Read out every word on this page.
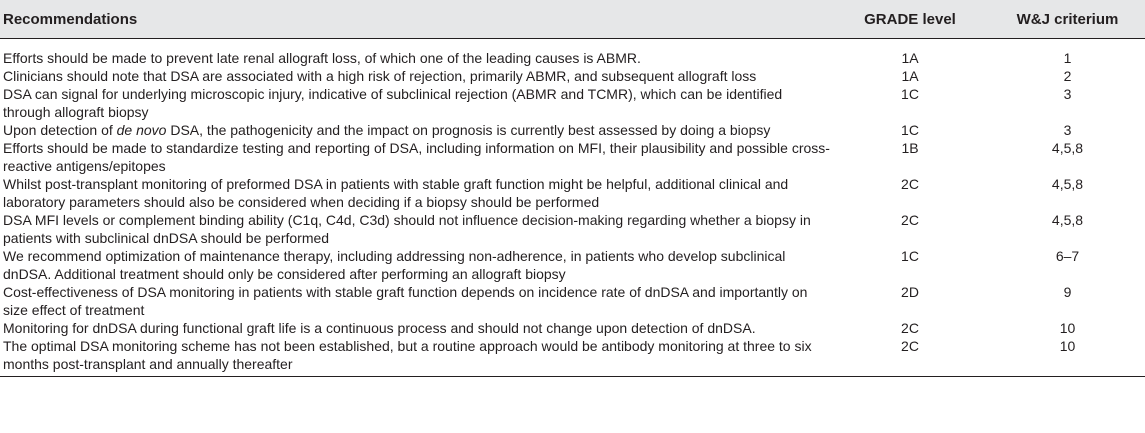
Recommendations	GRADE level	W&J criterium
Efforts should be made to prevent late renal allograft loss, of which one of the leading causes is ABMR.	1A	1
Clinicians should note that DSA are associated with a high risk of rejection, primarily ABMR, and subsequent allograft loss	1A	2
DSA can signal for underlying microscopic injury, indicative of subclinical rejection (ABMR and TCMR), which can be identified through allograft biopsy	1C	3
Upon detection of de novo DSA, the pathogenicity and the impact on prognosis is currently best assessed by doing a biopsy	1C	3
Efforts should be made to standardize testing and reporting of DSA, including information on MFI, their plausibility and possible cross-reactive antigens/epitopes	1B	4,5,8
Whilst post-transplant monitoring of preformed DSA in patients with stable graft function might be helpful, additional clinical and laboratory parameters should also be considered when deciding if a biopsy should be performed	2C	4,5,8
DSA MFI levels or complement binding ability (C1q, C4d, C3d) should not influence decision-making regarding whether a biopsy in patients with subclinical dnDSA should be performed	2C	4,5,8
We recommend optimization of maintenance therapy, including addressing non-adherence, in patients who develop subclinical dnDSA. Additional treatment should only be considered after performing an allograft biopsy	1C	6–7
Cost-effectiveness of DSA monitoring in patients with stable graft function depends on incidence rate of dnDSA and importantly on size effect of treatment	2D	9
Monitoring for dnDSA during functional graft life is a continuous process and should not change upon detection of dnDSA.	2C	10
The optimal DSA monitoring scheme has not been established, but a routine approach would be antibody monitoring at three to six months post-transplant and annually thereafter	2C	10
